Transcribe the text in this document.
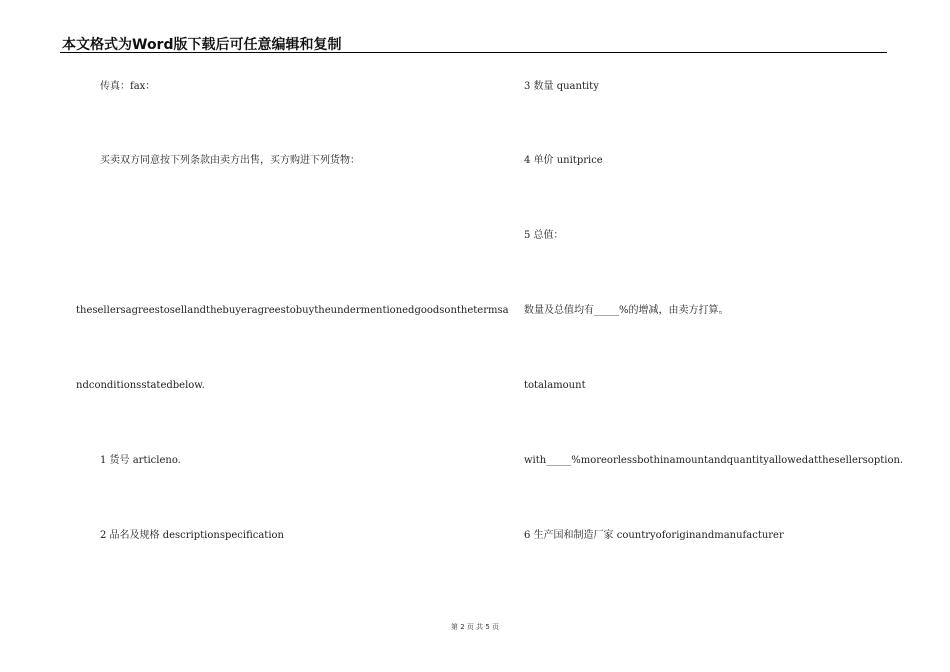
本文格式为Word版下载后可任意编辑和复制
传真：fax：
买卖双方同意按下列条款由卖方出售，买方购进下列货物：
thesellersagreestosellandthebuyeragreestobuytheundermentionedgoodsonthetermsa
ndconditionsstatedbelow.
1 货号 articleno.
2 品名及规格 descriptionspecification
3 数量 quantity
4 单价 unitprice
5 总值：
数量及总值均有_____%的增减，由卖方打算。
totalamount
with_____%moreorlessbothinamountandquantityallowedatthesellersoption.
6 生产国和制造厂家 countryoforiginandmanufacturer
第 2 页 共 5 页
